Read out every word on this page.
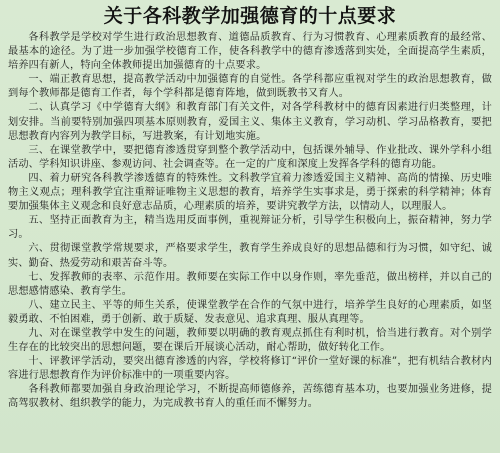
关于各科教学加强德育的十点要求

各科教学是学校对学生进行政治思想教育、道德品质教育、行为习惯教育、心理素质教育的最经常、最基本的途径。为了进一步加强学校德育工作，使各科教学中的德育渗透落到实处，全面提高学生素质，培养四有新人，特向全体教师提出加强德育的十点要求。

一、端正教育思想，提高教学活动中加强德育的自觉性。各学科都应重视对学生的政治思想教育，做到每个教师都是德育工作者，每个学科都是德育阵地，做到既教书又育人。

二、认真学习《中学德育大纲》和教育部门有关文件，对各学科教材中的德育因素进行归类整理，计划安排。当前要特别加强四项基本原则教育，爱国主义、集体主义教育，学习动机、学习品格教育，要把思想教育内容列为教学目标，写进教案，有计划地实施。

三、在课堂教学中，要把德育渗透贯穿到整个教学活动中，包括课外辅导、作业批改、课外学科小组活动、学科知识讲座、参观访问、社会调查等。在一定的广度和深度上发挥各学科的德育功能。

四、着力研究各科教学渗透德育的特殊性。文科教学宜着力渗透爱国主义精神、高尚的情操、历史唯物主义观点；理科教学宜注重辩证唯物主义思想的教育，培养学生实事求是，勇于探索的科学精神；体育要加强集体主义观念和良好意志品质，心理素质的培养，要讲究教学方法，以情动人，以理服人。

五、坚持正面教育为主，精当选用反面事例，重视辩证分析，引导学生积极向上，振奋精神，努力学习。

六、贯彻课堂教学常规要求，严格要求学生，教育学生养成良好的思想品德和行为习惯，如守纪、诚实、勤奋、热爱劳动和艰苦奋斗等。

七、发挥教师的表率、示范作用。教师要在实际工作中以身作则，率先垂范，做出榜样，并以自己的思想感情感染、教育学生。

八、建立民主、平等的师生关系，使课堂教学在合作的气氛中进行，培养学生良好的心理素质，如坚毅勇敢、不怕困难，勇于创新、敢于质疑、发表意见、追求真理、服从真理等。

九、对在课堂教学中发生的问题，教师要以明确的教育观点抓住有利时机，恰当进行教育。对个别学生存在的比较突出的思想问题，要在课后开展谈心活动，耐心帮助，做好转化工作。

十、评教评学活动，要突出德育渗透的内容，学校将修订“评价一堂好课的标准”，把有机结合教材内容进行思想教育作为评价标准中的一项重要内容。

各科教师都要加强自身政治理论学习，不断提高师德修养，苦练德育基本功，也要加强业务进修，提高驾驭教材、组织教学的能力，为完成教书育人的重任而不懈努力。
